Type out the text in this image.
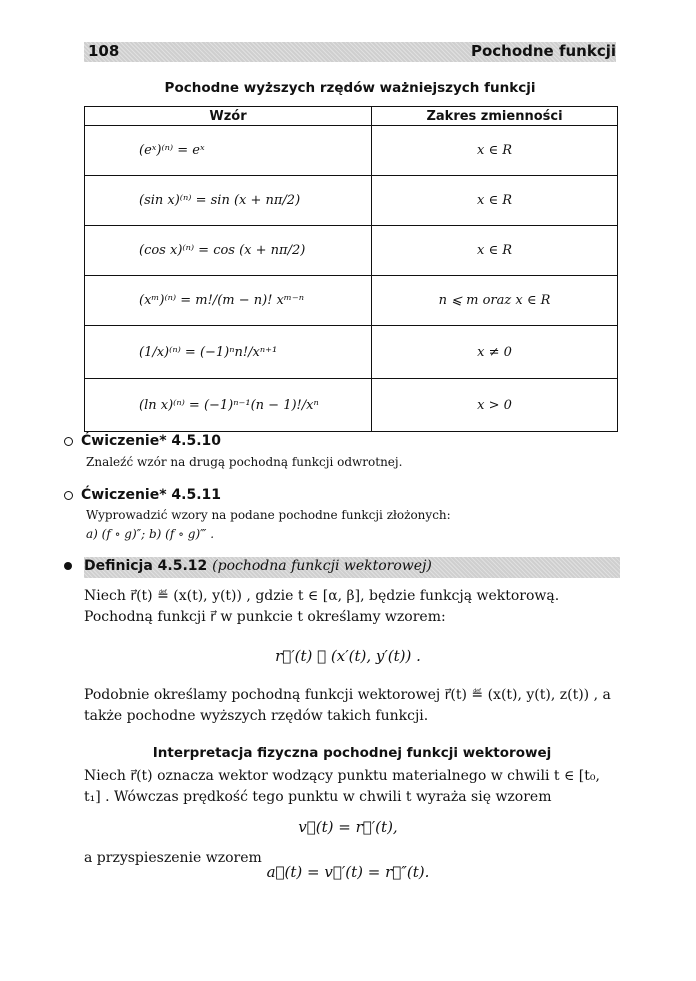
108	Pochodne funkcji
Pochodne wyższych rzędów ważniejszych funkcji
Wzór	Zakres zmienności
(eˣ)⁽ⁿ⁾ = eˣ	x ∈ R
(sin x)⁽ⁿ⁾ = sin (x + nπ/2)	x ∈ R
(cos x)⁽ⁿ⁾ = cos (x + nπ/2)	x ∈ R
(xᵐ)⁽ⁿ⁾ = m!/(m − n)! xᵐ⁻ⁿ	n ⩽ m oraz x ∈ R
(1/x)⁽ⁿ⁾ = (−1)ⁿn!/xⁿ⁺¹	x ≠ 0
(ln x)⁽ⁿ⁾ = (−1)ⁿ⁻¹(n − 1)!/xⁿ	x > 0
Ćwiczenie* 4.5.10
Znaleźć wzór na drugą pochodną funkcji odwrotnej.
Ćwiczenie* 4.5.11
Wyprowadzić wzory na podane pochodne funkcji złożonych:
a) (f ∘ g)″; b) (f ∘ g)‴ .
Definicja 4.5.12 (pochodna funkcji wektorowej)
Niech r⃗(t) ≝ (x(t), y(t)) , gdzie t ∈ [α, β], będzie funkcją wektorową. Pochodną funkcji r⃗ w punkcie t określamy wzorem:
r⃗′(t) ≝ (x′(t), y′(t)) .
Podobnie określamy pochodną funkcji wektorowej r⃗(t) ≝ (x(t), y(t), z(t)) , a także pochodne wyższych rzędów takich funkcji.
Interpretacja fizyczna pochodnej funkcji wektorowej
Niech r⃗(t) oznacza wektor wodzący punktu materialnego w chwili t ∈ [t₀, t₁] . Wówczas prędkość tego punktu w chwili t wyraża się wzorem
v⃗(t) = r⃗′(t),
a przyspieszenie wzorem
a⃗(t) = v⃗′(t) = r⃗″(t).
